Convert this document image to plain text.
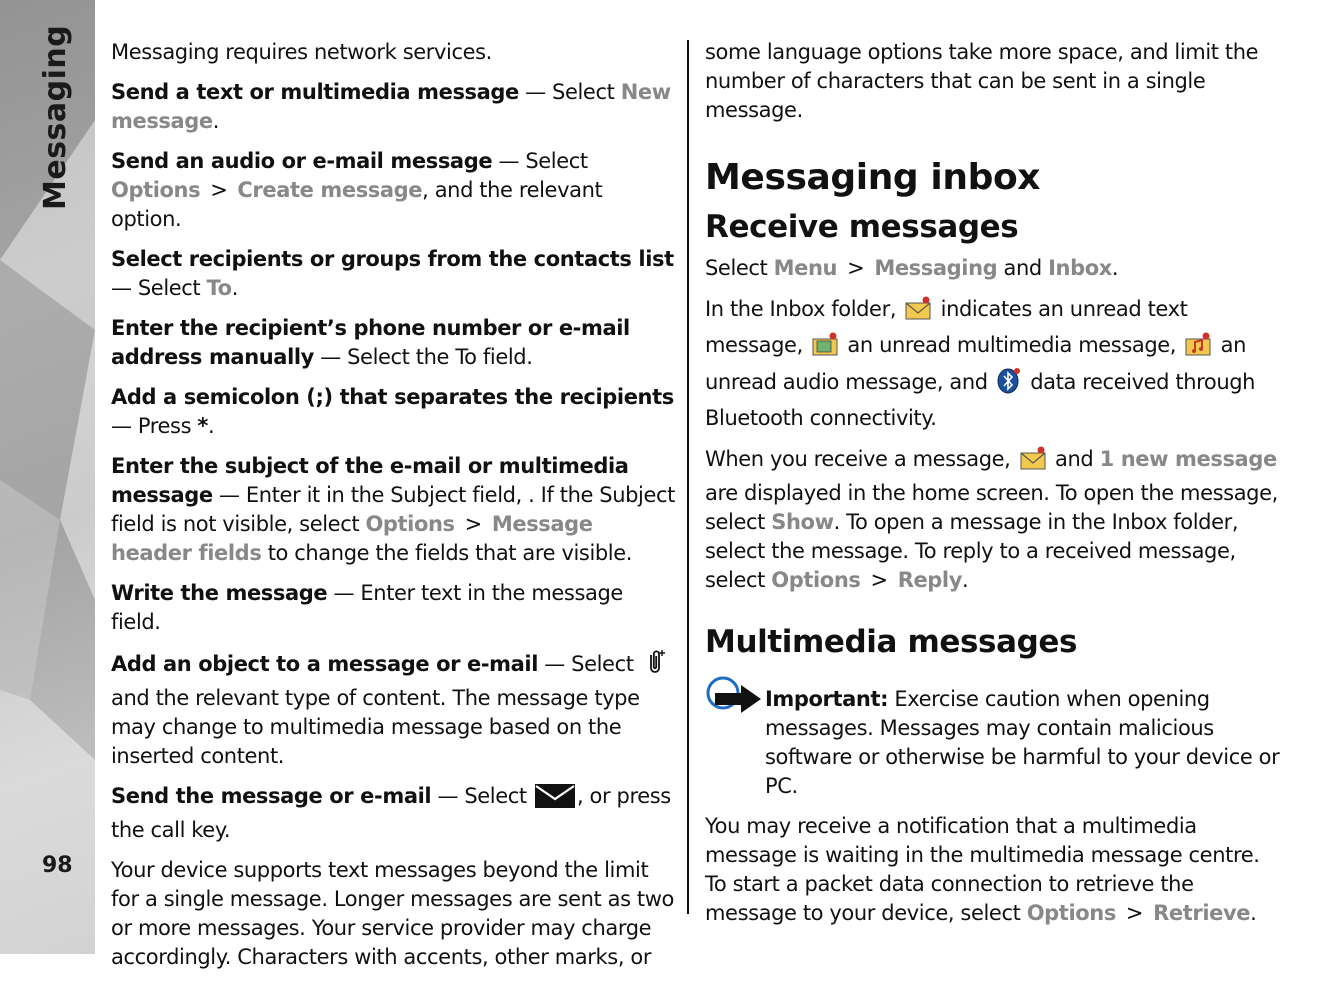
Messaging
98

Messaging requires network services.

Send a text or multimedia message — Select New message.

Send an audio or e-mail message — Select Options > Create message, and the relevant option.

Select recipients or groups from the contacts list — Select To.

Enter the recipient’s phone number or e-mail address manually — Select the To field.

Add a semicolon (;) that separates the recipients — Press *.

Enter the subject of the e-mail or multimedia message — Enter it in the Subject field, . If the Subject field is not visible, select Options > Message header fields to change the fields that are visible.

Write the message — Enter text in the message field.

Add an object to a message or e-mail — Select  and the relevant type of content. The message type may change to multimedia message based on the inserted content.

Send the message or e-mail — Select , or press the call key.

Your device supports text messages beyond the limit for a single message. Longer messages are sent as two or more messages. Your service provider may charge accordingly. Characters with accents, other marks, or

some language options take more space, and limit the number of characters that can be sent in a single message.

Messaging inbox
Receive messages

Select Menu > Messaging and Inbox.

In the Inbox folder,  indicates an unread text message,  an unread multimedia message,  an unread audio message, and  data received through Bluetooth connectivity.

When you receive a message,  and 1 new message are displayed in the home screen. To open the message, select Show. To open a message in the Inbox folder, select the message. To reply to a received message, select Options > Reply.

Multimedia messages

Important: Exercise caution when opening messages. Messages may contain malicious software or otherwise be harmful to your device or PC.

You may receive a notification that a multimedia message is waiting in the multimedia message centre. To start a packet data connection to retrieve the message to your device, select Options > Retrieve.
